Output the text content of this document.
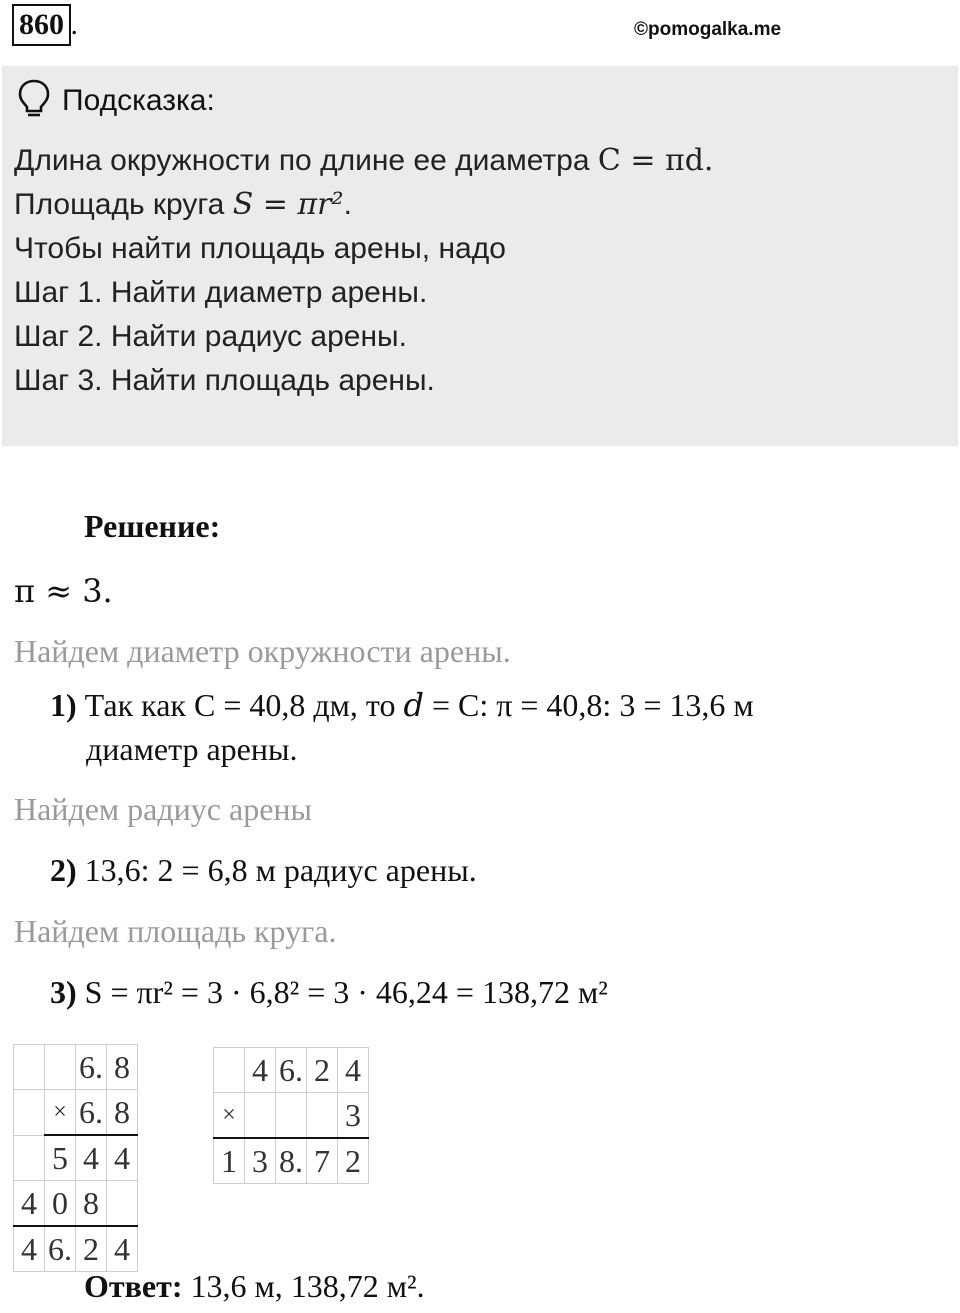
860 .	©pomogalka.me
Подсказка:
Длина окружности по длине ее диаметра C = πd.
Площадь круга S = πr².
Чтобы найти площадь арены, надо
Шаг 1. Найти диаметр арены.
Шаг 2. Найти радиус арены.
Шаг 3. Найти площадь арены.
Решение:
π ≈ 3.
Найдем диаметр окружности арены.
1) Так как C = 40,8 дм, то d = C: π = 40,8: 3 = 13,6 м
диаметр арены.
Найдем радиус арены
2) 13,6: 2 = 6,8 м радиус арены.
Найдем площадь круга.
3) S = πr² = 3 · 6,8² = 3 · 46,24 = 138,72 м²
		6.	8
	×	6.	8
	5	4	4
4	0	8	
4	6.	2	4
	4	6.	2	4
×				3
1	3	8.	7	2
Ответ: 13,6 м, 138,72 м².
